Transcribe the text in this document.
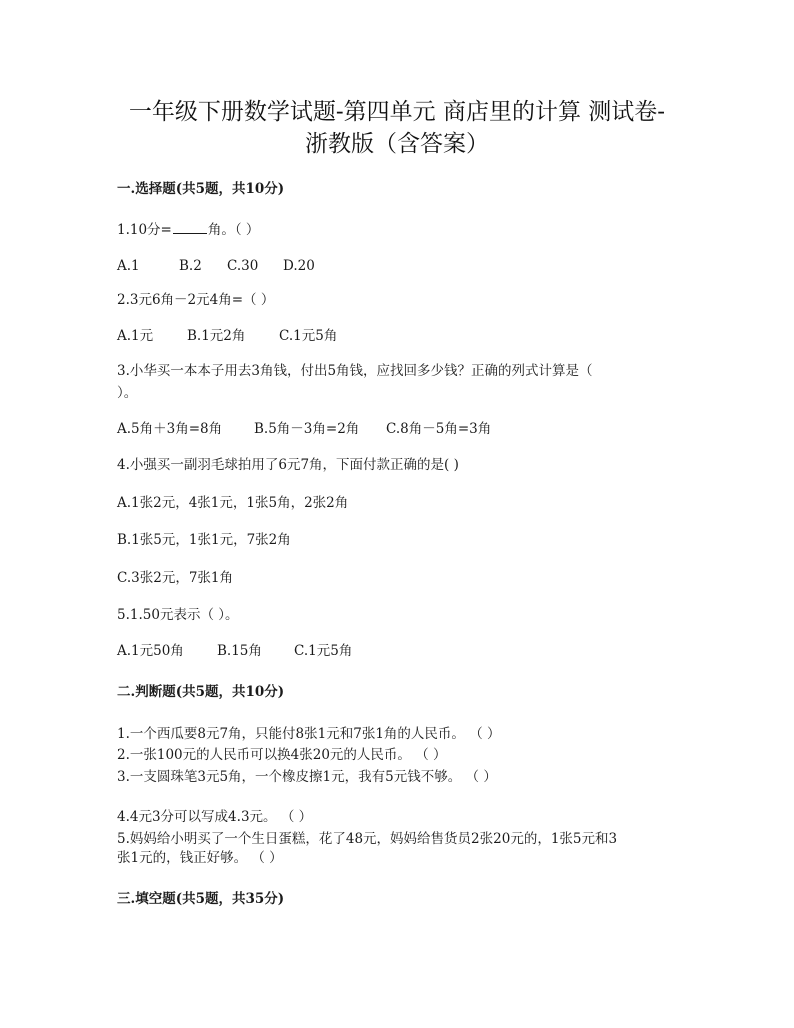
一年级下册数学试题-第四单元 商店里的计算 测试卷-
浙教版（含答案）
一.选择题(共5题，共10分)
1.10分=	角。（ ）
A.1	B.2 C.30 D.20
2.3元6角－2元4角=（ ）
A.1元	B.1元2角 C.1元5角
3.小华买一本本子用去3角钱，付出5角钱，应找回多少钱？正确的列式计算是（
）。
A.5角＋3角=8角 B.5角－3角=2角 C.8角－5角=3角
4.小强买一副羽毛球拍用了6元7角，下面付款正确的是( )
A.1张2元，4张1元，1张5角，2张2角
B.1张5元，1张1元，7张2角
C.3张2元，7张1角
5.1.50元表示（ ）。
A.1元50角 B.15角 C.1元5角
二.判断题(共5题，共10分)
1.一个西瓜要8元7角，只能付8张1元和7张1角的人民币。 （ ）
2.一张100元的人民币可以换4张20元的人民币。 （ ）
3.一支圆珠笔3元5角，一个橡皮擦1元，我有5元钱不够。 （ ）
4.4元3分可以写成4.3元。 （ ）
5.妈妈给小明买了一个生日蛋糕，花了48元，妈妈给售货员2张20元的，1张5元和3
张1元的，钱正好够。 （ ）
三.填空题(共5题，共35分)
